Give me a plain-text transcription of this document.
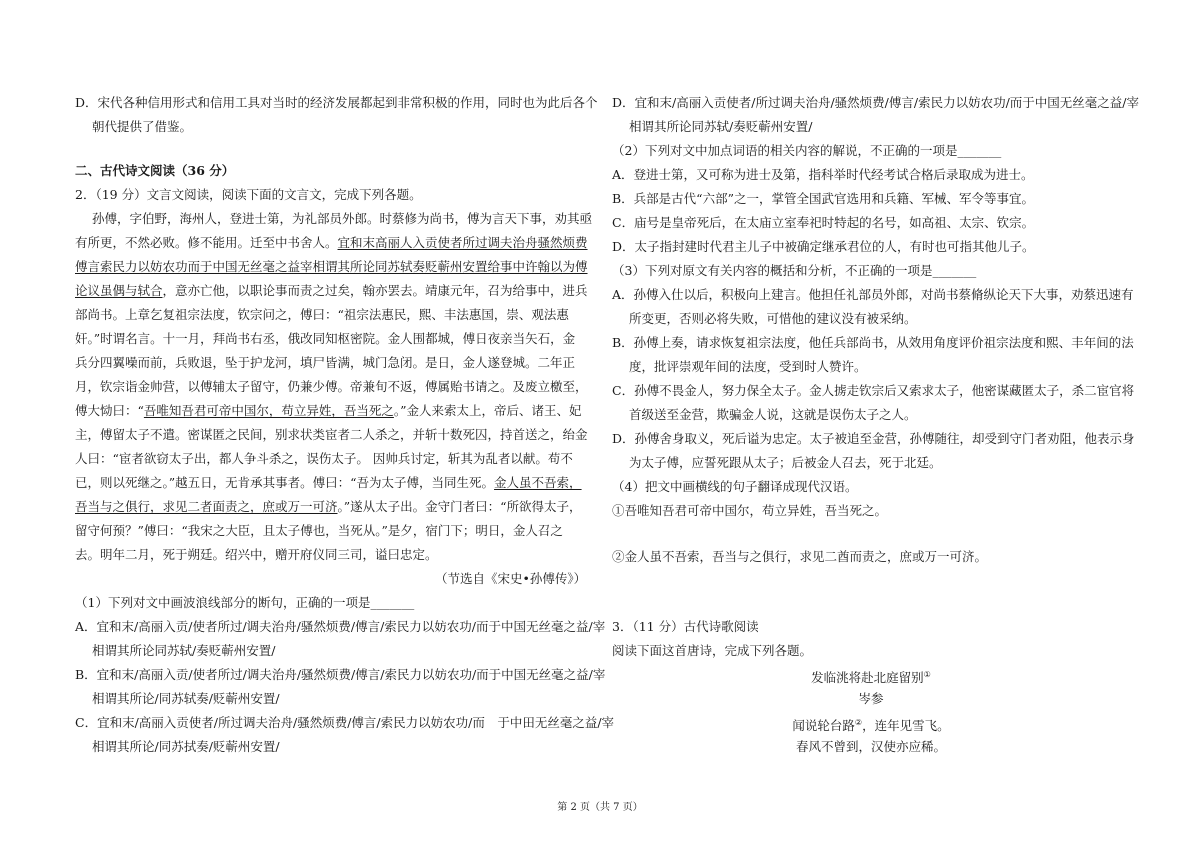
D．宋代各种信用形式和信用工具对当时的经济发展都起到非常积极的作用，同时也为此后各个
朝代提供了借鉴。
二、古代诗文阅读（36 分）
2．（19 分）文言文阅读，阅读下面的文言文，完成下列各题。
孙傅，字伯野，海州人，登进士第，为礼部员外郎。时蔡修为尚书，傅为言天下事，劝其亟
有所更，不然必败。修不能用。迁至中书舍人。宜和末高丽人入贡使者所过调夫治舟骚然烦费
傅言索民力以妨农功而于中国无丝毫之益宰相谓其所论同苏轼奏贬蕲州安置给事中许翰以为傅
论议虽偶与轼合，意亦亡他，以职论事而责之过矣，翰亦罢去。靖康元年，召为给事中，进兵
部尚书。上章乞复祖宗法度，钦宗问之，傅曰：“祖宗法惠民，熙、丰法惠国，崇、观法惠
奸。”时谓名言。十一月，拜尚书右丞，俄改同知枢密院。金人围都城，傅日夜亲当矢石，金
兵分四翼噪而前，兵败退，坠于护龙河，填尸皆满，城门急闭。是日，金人遂登城。二年正
月，钦宗诣金帅营，以傅辅太子留守，仍兼少傅。帝兼旬不返，傅属贻书请之。及废立檄至，
傅大恸曰：“吾唯知吾君可帝中国尔，苟立异姓，吾当死之。”金人来索太上，帝后、诸王、妃
主，傅留太子不遣。密谋匿之民间，别求状类宦者二人杀之，并斩十数死囚，持首送之，绐金
人曰：“宦者欲窃太子出，都人争斗杀之，误伤太子。 因帅兵讨定，斩其为乱者以献。苟不
已，则以死继之。”越五日，无肯承其事者。傅曰：“吾为太子傅，当同生死。金人虽不吾索，
吾当与之俱行，求见二者面责之，庶或万一可济。”遂从太子出。金守门者曰：“所欲得太子，
留守何预？”傅曰：“我宋之大臣，且太子傅也，当死从。”是夕，宿门下；明日，金人召之
去。明年二月，死于朔廷。绍兴中，赠开府仪同三司，谥曰忠定。
（节选自《宋史•孙傅传》）
（1）下列对文中画波浪线部分的断句，正确的一项是_______
A．宜和末/高丽入贡/使者所过/调夫治舟/骚然烦费/傅言/索民力以妨农功/而于中国无丝毫之益/宰
相谓其所论同苏轼/奏贬蕲州安置/
B．宜和末/高丽入贡/使者所过/调夫治舟/骚然烦费/傅言/索民力以妨农功/而于中国无丝毫之益/宰
相谓其所论/同苏轼奏/贬蕲州安置/
C．宜和末/高丽入贡使者/所过调夫治舟/骚然烦费/傅言/索民力以妨农功/而　于中田无丝毫之益/宰
相谓其所论/同苏拭奏/贬蕲州安置/
D．宜和末/高丽入贡使者/所过调夫治舟/骚然烦费/傅言/索民力以妨农功/而于中国无丝毫之益/宰
相谓其所论同苏轼/奏贬蕲州安置/
（2）下列对文中加点词语的相关内容的解说，不正确的一项是_______
A．登进士第，又可称为进士及第，指科举时代经考试合格后录取成为进士。
B．兵部是古代“六部”之一，掌管全国武官选用和兵籍、军械、军令等事宜。
C．庙号是皇帝死后，在太庙立室奉祀时特起的名号，如高祖、太宗、钦宗。
D．太子指封建时代君主儿子中被确定继承君位的人，有时也可指其他儿子。
（3）下列对原文有关内容的概括和分析，不正确的一项是_______
A．孙傅入仕以后，积极向上建言。他担任礼部员外郎，对尚书蔡脩纵论天下大事，劝蔡迅速有
所变更，否则必将失败，可惜他的建议没有被采纳。
B．孙傅上奏，请求恢复祖宗法度，他任兵部尚书，从效用角度评价祖宗法度和熙、丰年间的法
度，批评崇观年间的法度，受到时人赞许。
C．孙傅不畏金人，努力保全太子。金人掳走钦宗后又索求太子，他密谋藏匿太子，杀二宦官将
首级送至金营，欺骗金人说，这就是误伤太子之人。
D．孙傅舍身取义，死后谥为忠定。太子被追至金营，孙傅随往，却受到守门者劝阻，他表示身
为太子傅，应誓死跟从太子；后被金人召去，死于北廷。
（4）把文中画横线的句子翻译成现代汉语。
①吾唯知吾君可帝中国尔，苟立异姓，吾当死之。
②金人虽不吾索，吾当与之俱行，求见二酋而责之，庶或万一可济。
3．（11 分）古代诗歌阅读
阅读下面这首唐诗，完成下列各题。
发临洮将赴北庭留别①
岑参
闻说轮台路②，连年见雪飞。
春风不曾到，汉使亦应稀。
第 2 页（共 7 页）
